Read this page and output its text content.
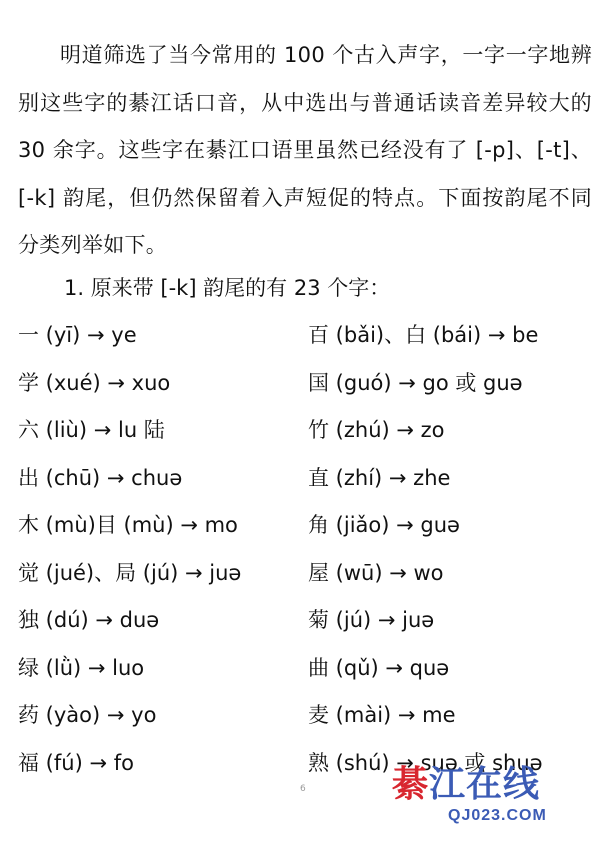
明道筛选了当今常用的 100 个古入声字，一字一字地辨别这些字的綦江话口音，从中选出与普通话读音差异较大的 30 余字。这些字在綦江口语里虽然已经没有了 [-p]、[-t]、[-k] 韵尾，但仍然保留着入声短促的特点。下面按韵尾不同分类列举如下。

1. 原来带 [-k] 韵尾的有 23 个字：
一 (yī) → ye	百 (bǎi)、白 (bái) → be
学 (xué) → xuo	国 (guó) → go 或 guə
六 (liù) → lu 陆	竹 (zhú) → zo
出 (chū) → chuə	直 (zhí) → zhe
木 (mù)目 (mù) → mo	角 (jiǎo) → guə
觉 (jué)、局 (jú) → juə	屋 (wū) → wo
独 (dú) → duə	菊 (jú) → juə
绿 (lǜ) → luo	曲 (qǔ) → quə
药 (yào) → yo	麦 (mài) → me
福 (fú) → fo	熟 (shú) → suə 或 shuə
6 綦江在线
QJ023.COM
